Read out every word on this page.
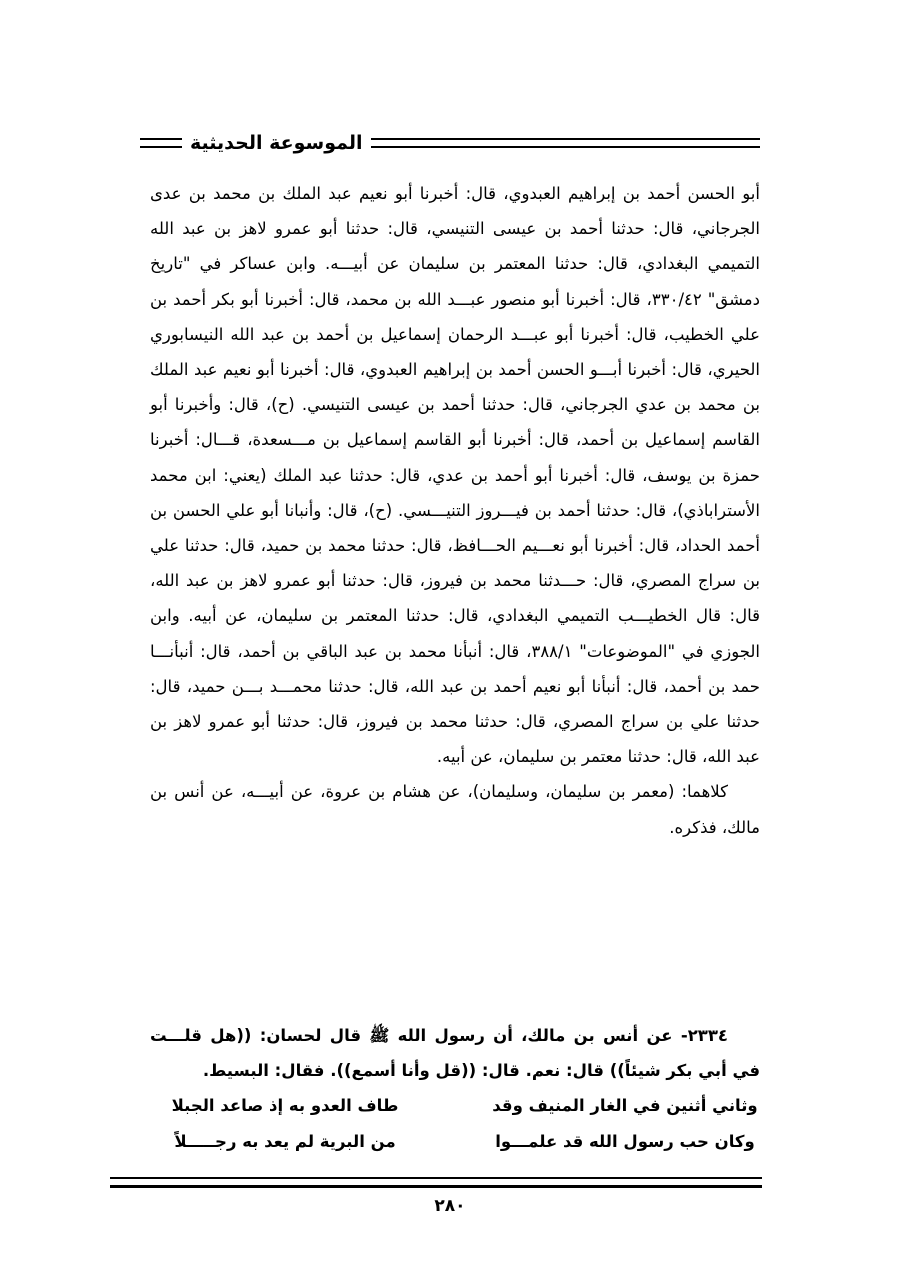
الموسوعة الحديثية

أبو الحسن أحمد بن إبراهيم العبدوي، قال: أخبرنا أبو نعيم عبد الملك بن محمد بن عدى الجرجاني، قال: حدثنا أحمد بن عيسى التنيسي، قال: حدثنا أبو عمرو لاهز بن عبد الله التميمي البغدادي، قال: حدثنا المعتمر بن سليمان عن أبيـــه. وابن عساكر في "تاريخ دمشق" ٣٣٠/٤٢، قال: أخبرنا أبو منصور عبـــد الله بن محمد، قال: أخبرنا أبو بكر أحمد بن علي الخطيب، قال: أخبرنا أبو عبـــد الرحمان إسماعيل بن أحمد بن عبد الله النيسابوري الحيري، قال: أخبرنا أبـــو الحسن أحمد بن إبراهيم العبدوي، قال: أخبرنا أبو نعيم عبد الملك بن محمد بن عدي الجرجاني، قال: حدثنا أحمد بن عيسى التنيسي. (ح)، قال: وأخبرنا أبو القاسم إسماعيل بن أحمد، قال: أخبرنا أبو القاسم إسماعيل بن مـــسعدة، قـــال: أخبرنا حمزة بن يوسف، قال: أخبرنا أبو أحمد بن عدي، قال: حدثنا عبد الملك (يعني: ابن محمد الأستراباذي)، قال: حدثنا أحمد بن فيـــروز التنيـــسي. (ح)، قال: وأنبانا أبو علي الحسن بن أحمد الحداد، قال: أخبرنا أبو نعـــيم الحـــافظ، قال: حدثنا محمد بن حميد، قال: حدثنا علي بن سراج المصري، قال: حـــدثنا محمد بن فيروز، قال: حدثنا أبو عمرو لاهز بن عبد الله، قال: قال الخطيـــب التميمي البغدادي، قال: حدثنا المعتمر بن سليمان، عن أبيه. وابن الجوزي في "الموضوعات" ٣٨٨/١، قال: أنبأنا محمد بن عبد الباقي بن أحمد، قال: أنبأنـــا حمد بن أحمد، قال: أنبأنا أبو نعيم أحمد بن عبد الله، قال: حدثنا محمـــد بـــن حميد، قال: حدثنا علي بن سراج المصري، قال: حدثنا محمد بن فيروز، قال: حدثنا أبو عمرو لاهز بن عبد الله، قال: حدثنا معتمر بن سليمان، عن أبيه.

كلاهما: (معمر بن سليمان، وسليمان)، عن هشام بن عروة، عن أبيـــه، عن أنس بن مالك، فذكره.

٢٣٣٤- عن أنس بن مالك، أن رسول الله ﷺ قال لحسان: ((هل قلـــت في أبي بكر شيئاً)) قال: نعم. قال: ((قل وأنا أسمع)). فقال: البسيط.

وثاني أثنين في الغار المنيف وقد
طاف العدو به إذ صاعد الجبلا
وكان حب رسول الله قد علمـــوا
من البرية لم يعد به رجـــــلاً
٢٨٠
